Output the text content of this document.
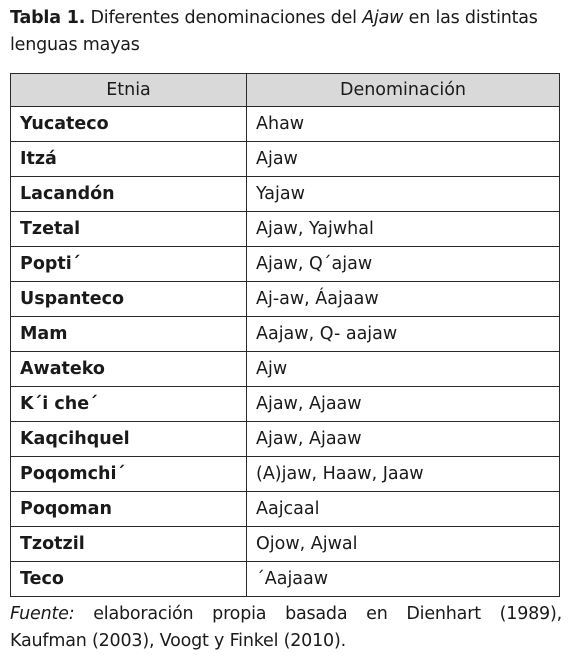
Tabla 1. Diferentes denominaciones del Ajaw en las distintas lenguas mayas
Etnia	Denominación
Yucateco	Ahaw
Itzá	Ajaw
Lacandón	Yajaw
Tzetal	Ajaw, Yajwhal
Popti´	Ajaw, Q´ajaw
Uspanteco	Aj-aw, Áajaaw
Mam	Aajaw, Q- aajaw
Awateko	Ajw
K´i che´	Ajaw, Ajaaw
Kaqcihquel	Ajaw, Ajaaw
Poqomchi´	(A)jaw, Haaw, Jaaw
Poqoman	Aajcaal
Tzotzil	Ojow, Ajwal
Teco	´Aajaaw
Fuente: elaboración propia basada en Dienhart (1989), Kaufman (2003), Voogt y Finkel (2010).
